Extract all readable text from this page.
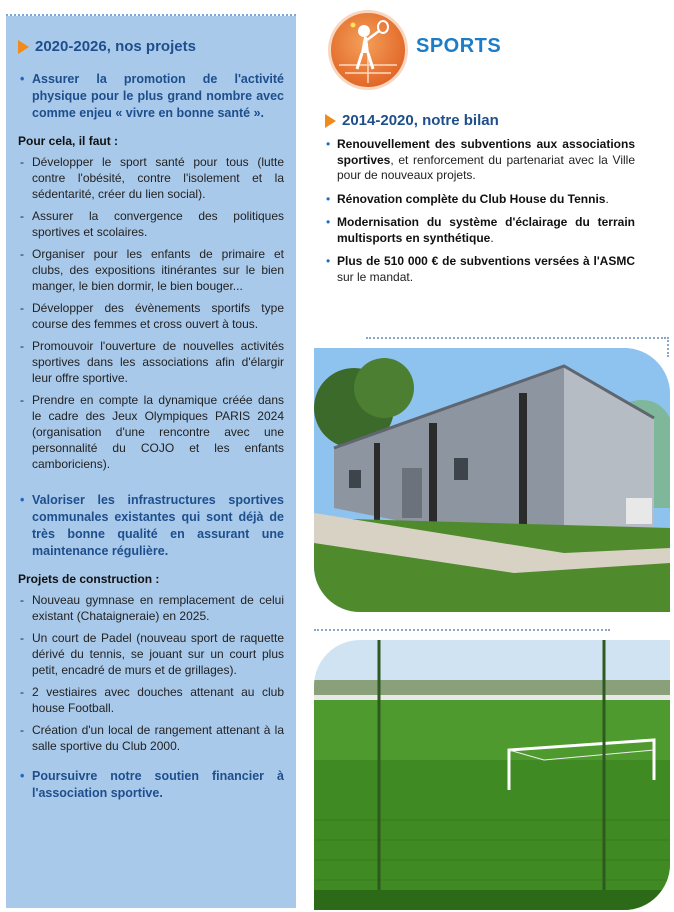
2020-2026, nos projets
• Assurer la promotion de l'activité physique pour le plus grand nombre avec comme enjeu « vivre en bonne santé ».
Pour cela, il faut :
- Développer le sport santé pour tous (lutte contre l'obésité, contre l'isolement et la sédentarité, créer du lien social).
- Assurer la convergence des politiques sportives et scolaires.
- Organiser pour les enfants de primaire et clubs, des expositions itinérantes sur le bien manger, le bien dormir, le bien bouger...
- Développer des évènements sportifs type course des femmes et cross ouvert à tous.
- Promouvoir l'ouverture de nouvelles activités sportives dans les associations afin d'élargir leur offre sportive.
- Prendre en compte la dynamique créée dans le cadre des Jeux Olympiques PARIS 2024 (organisation d'une rencontre avec une personnalité du COJO et les enfants camboriciens).
• Valoriser les infrastructures sportives communales existantes qui sont déjà de très bonne qualité en assurant une maintenance régulière.
Projets de construction :
- Nouveau gymnase en remplacement de celui existant (Chataigneraie) en 2025.
- Un court de Padel (nouveau sport de raquette dérivé du tennis, se jouant sur un court plus petit, encadré de murs et de grillages).
- 2 vestiaires avec douches attenant au club house Football.
- Création d'un local de rangement attenant à la salle sportive du Club 2000.
• Poursuivre notre soutien financier à l'association sportive.
SPORTS
2014-2020, notre bilan
• Renouvellement des subventions aux associations sportives, et renforcement du partenariat avec la Ville pour de nouveaux projets.
• Rénovation complète du Club House du Tennis.
• Modernisation du système d'éclairage du terrain multisports en synthétique.
• Plus de 510 000 € de subventions versées à l'ASMC sur le mandat.
